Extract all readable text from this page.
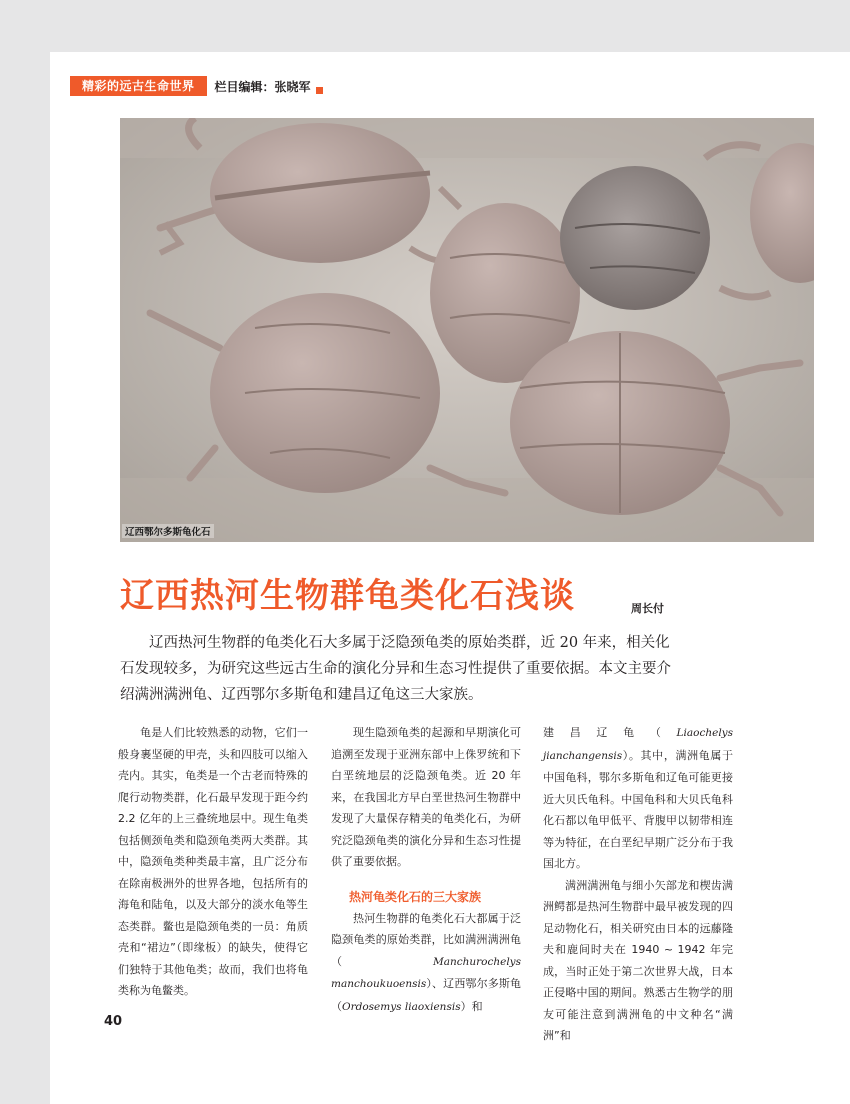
精彩的远古生命世界	栏目编辑：张晓军
辽西鄂尔多斯龟化石
辽西热河生物群龟类化石浅谈	周长付

辽西热河生物群的龟类化石大多属于泛隐颈龟类的原始类群，近 20 年来，相关化石发现较多，为研究这些远古生命的演化分异和生态习性提供了重要依据。本文主要介绍满洲满洲龟、辽西鄂尔多斯龟和建昌辽龟这三大家族。

龟是人们比较熟悉的动物，它们一般身裹坚硬的甲壳，头和四肢可以缩入壳内。其实，龟类是一个古老而特殊的爬行动物类群，化石最早发现于距今约 2.2 亿年的上三叠统地层中。现生龟类包括侧颈龟类和隐颈龟类两大类群。其中，隐颈龟类种类最丰富，且广泛分布在除南极洲外的世界各地，包括所有的海龟和陆龟，以及大部分的淡水龟等生态类群。鳖也是隐颈龟类的一员：角质壳和“裙边”（即缘板）的缺失，使得它们独特于其他龟类；故而，我们也将龟类称为龟鳖类。

现生隐颈龟类的起源和早期演化可追溯至发现于亚洲东部中上侏罗统和下白垩统地层的泛隐颈龟类。近 20 年来，在我国北方早白垩世热河生物群中发现了大量保存精美的龟类化石，为研究泛隐颈龟类的演化分异和生态习性提供了重要依据。

热河龟类化石的三大家族

热河生物群的龟类化石大都属于泛隐颈龟类的原始类群，比如满洲满洲龟（Manchurochelys manchoukuoensis）、辽西鄂尔多斯龟（Ordosemys liaoxiensis）和

建昌辽龟（Liaochelys jianchangensis）。其中，满洲龟属于中国龟科，鄂尔多斯龟和辽龟可能更接近大贝氏龟科。中国龟科和大贝氏龟科化石都以龟甲低平、背腹甲以韧带相连等为特征，在白垩纪早期广泛分布于我国北方。

满洲满洲龟与细小矢部龙和楔齿满洲鳄都是热河生物群中最早被发现的四足动物化石，相关研究由日本的远藤隆夫和鹿间时夫在 1940 ~ 1942 年完成，当时正处于第二次世界大战，日本正侵略中国的期间。熟悉古生物学的朋友可能注意到满洲龟的中文种名“满洲”和

40
